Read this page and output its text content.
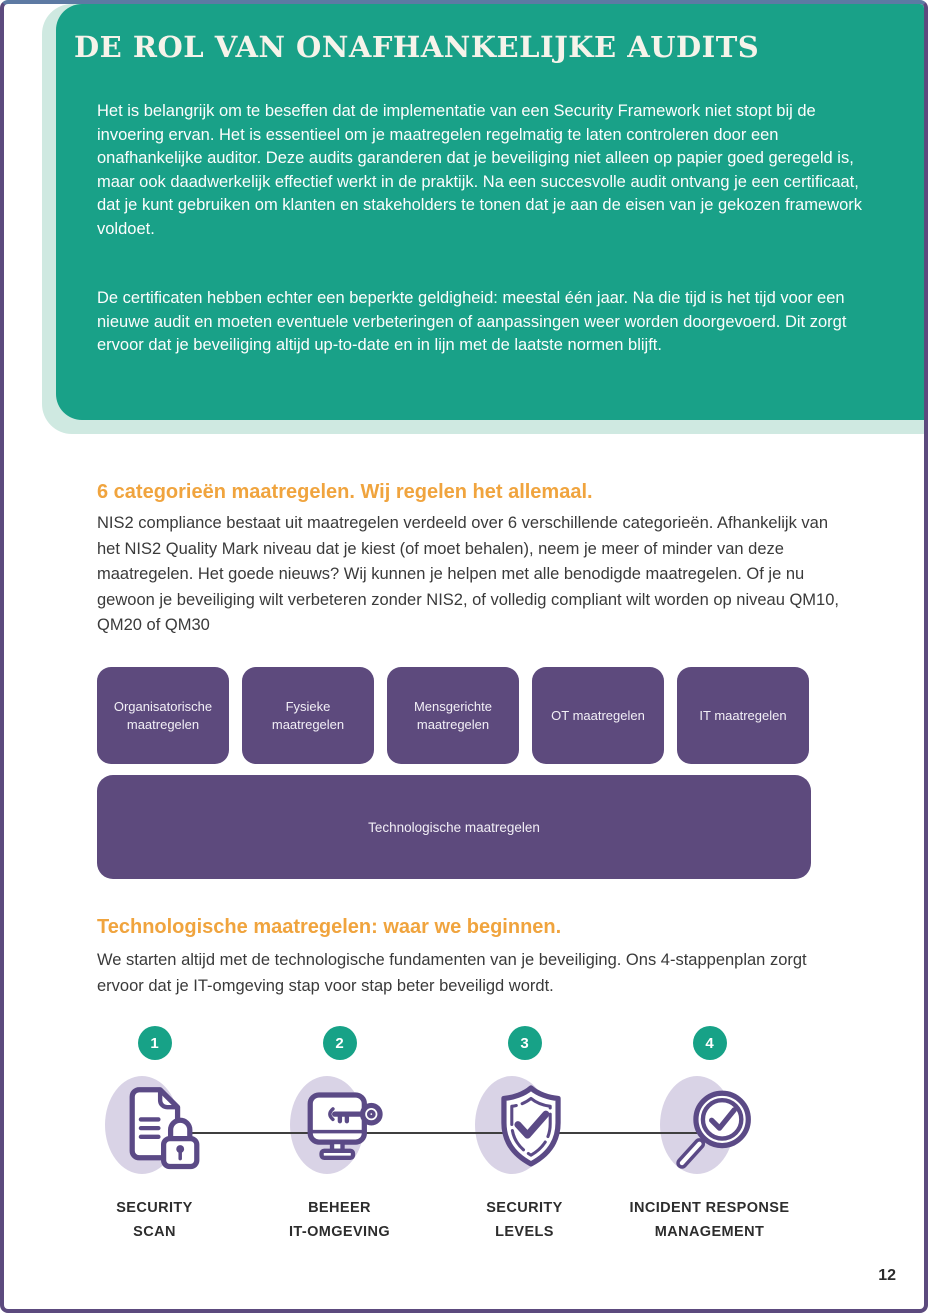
DE ROL VAN ONAFHANKELIJKE AUDITS
Het is belangrijk om te beseffen dat de implementatie van een Security Framework niet stopt bij de invoering ervan. Het is essentieel om je maatregelen regelmatig te laten controleren door een onafhankelijke auditor. Deze audits garanderen dat je beveiliging niet alleen op papier goed geregeld is, maar ook daadwerkelijk effectief werkt in de praktijk. Na een succesvolle audit ontvang je een certificaat, dat je kunt gebruiken om klanten en stakeholders te tonen dat je aan de eisen van je gekozen framework voldoet.
De certificaten hebben echter een beperkte geldigheid: meestal één jaar. Na die tijd is het tijd voor een nieuwe audit en moeten eventuele verbeteringen of aanpassingen weer worden doorgevoerd. Dit zorgt ervoor dat je beveiliging altijd up-to-date en in lijn met de laatste normen blijft.
6 categorieën maatregelen. Wij regelen het allemaal.
NIS2 compliance bestaat uit maatregelen verdeeld over 6 verschillende categorieën. Afhankelijk van het NIS2 Quality Mark niveau dat je kiest (of moet behalen), neem je meer of minder van deze maatregelen. Het goede nieuws? Wij kunnen je helpen met alle benodigde maatregelen. Of je nu gewoon je beveiliging wilt verbeteren zonder NIS2, of volledig compliant wilt worden op niveau QM10, QM20 of QM30
Organisatorische maatregelen
Fysieke maatregelen
Mensgerichte maatregelen
OT maatregelen	IT maatregelen
Technologische maatregelen
Technologische maatregelen: waar we beginnen.
We starten altijd met de technologische fundamenten van je beveiliging. Ons 4-stappenplan zorgt ervoor dat je IT-omgeving stap voor stap beter beveiligd wordt.
1
SECURITY
SCAN
2
BEHEER
IT-OMGEVING
3
SECURITY
LEVELS
4
INCIDENT RESPONSE
MANAGEMENT
12
